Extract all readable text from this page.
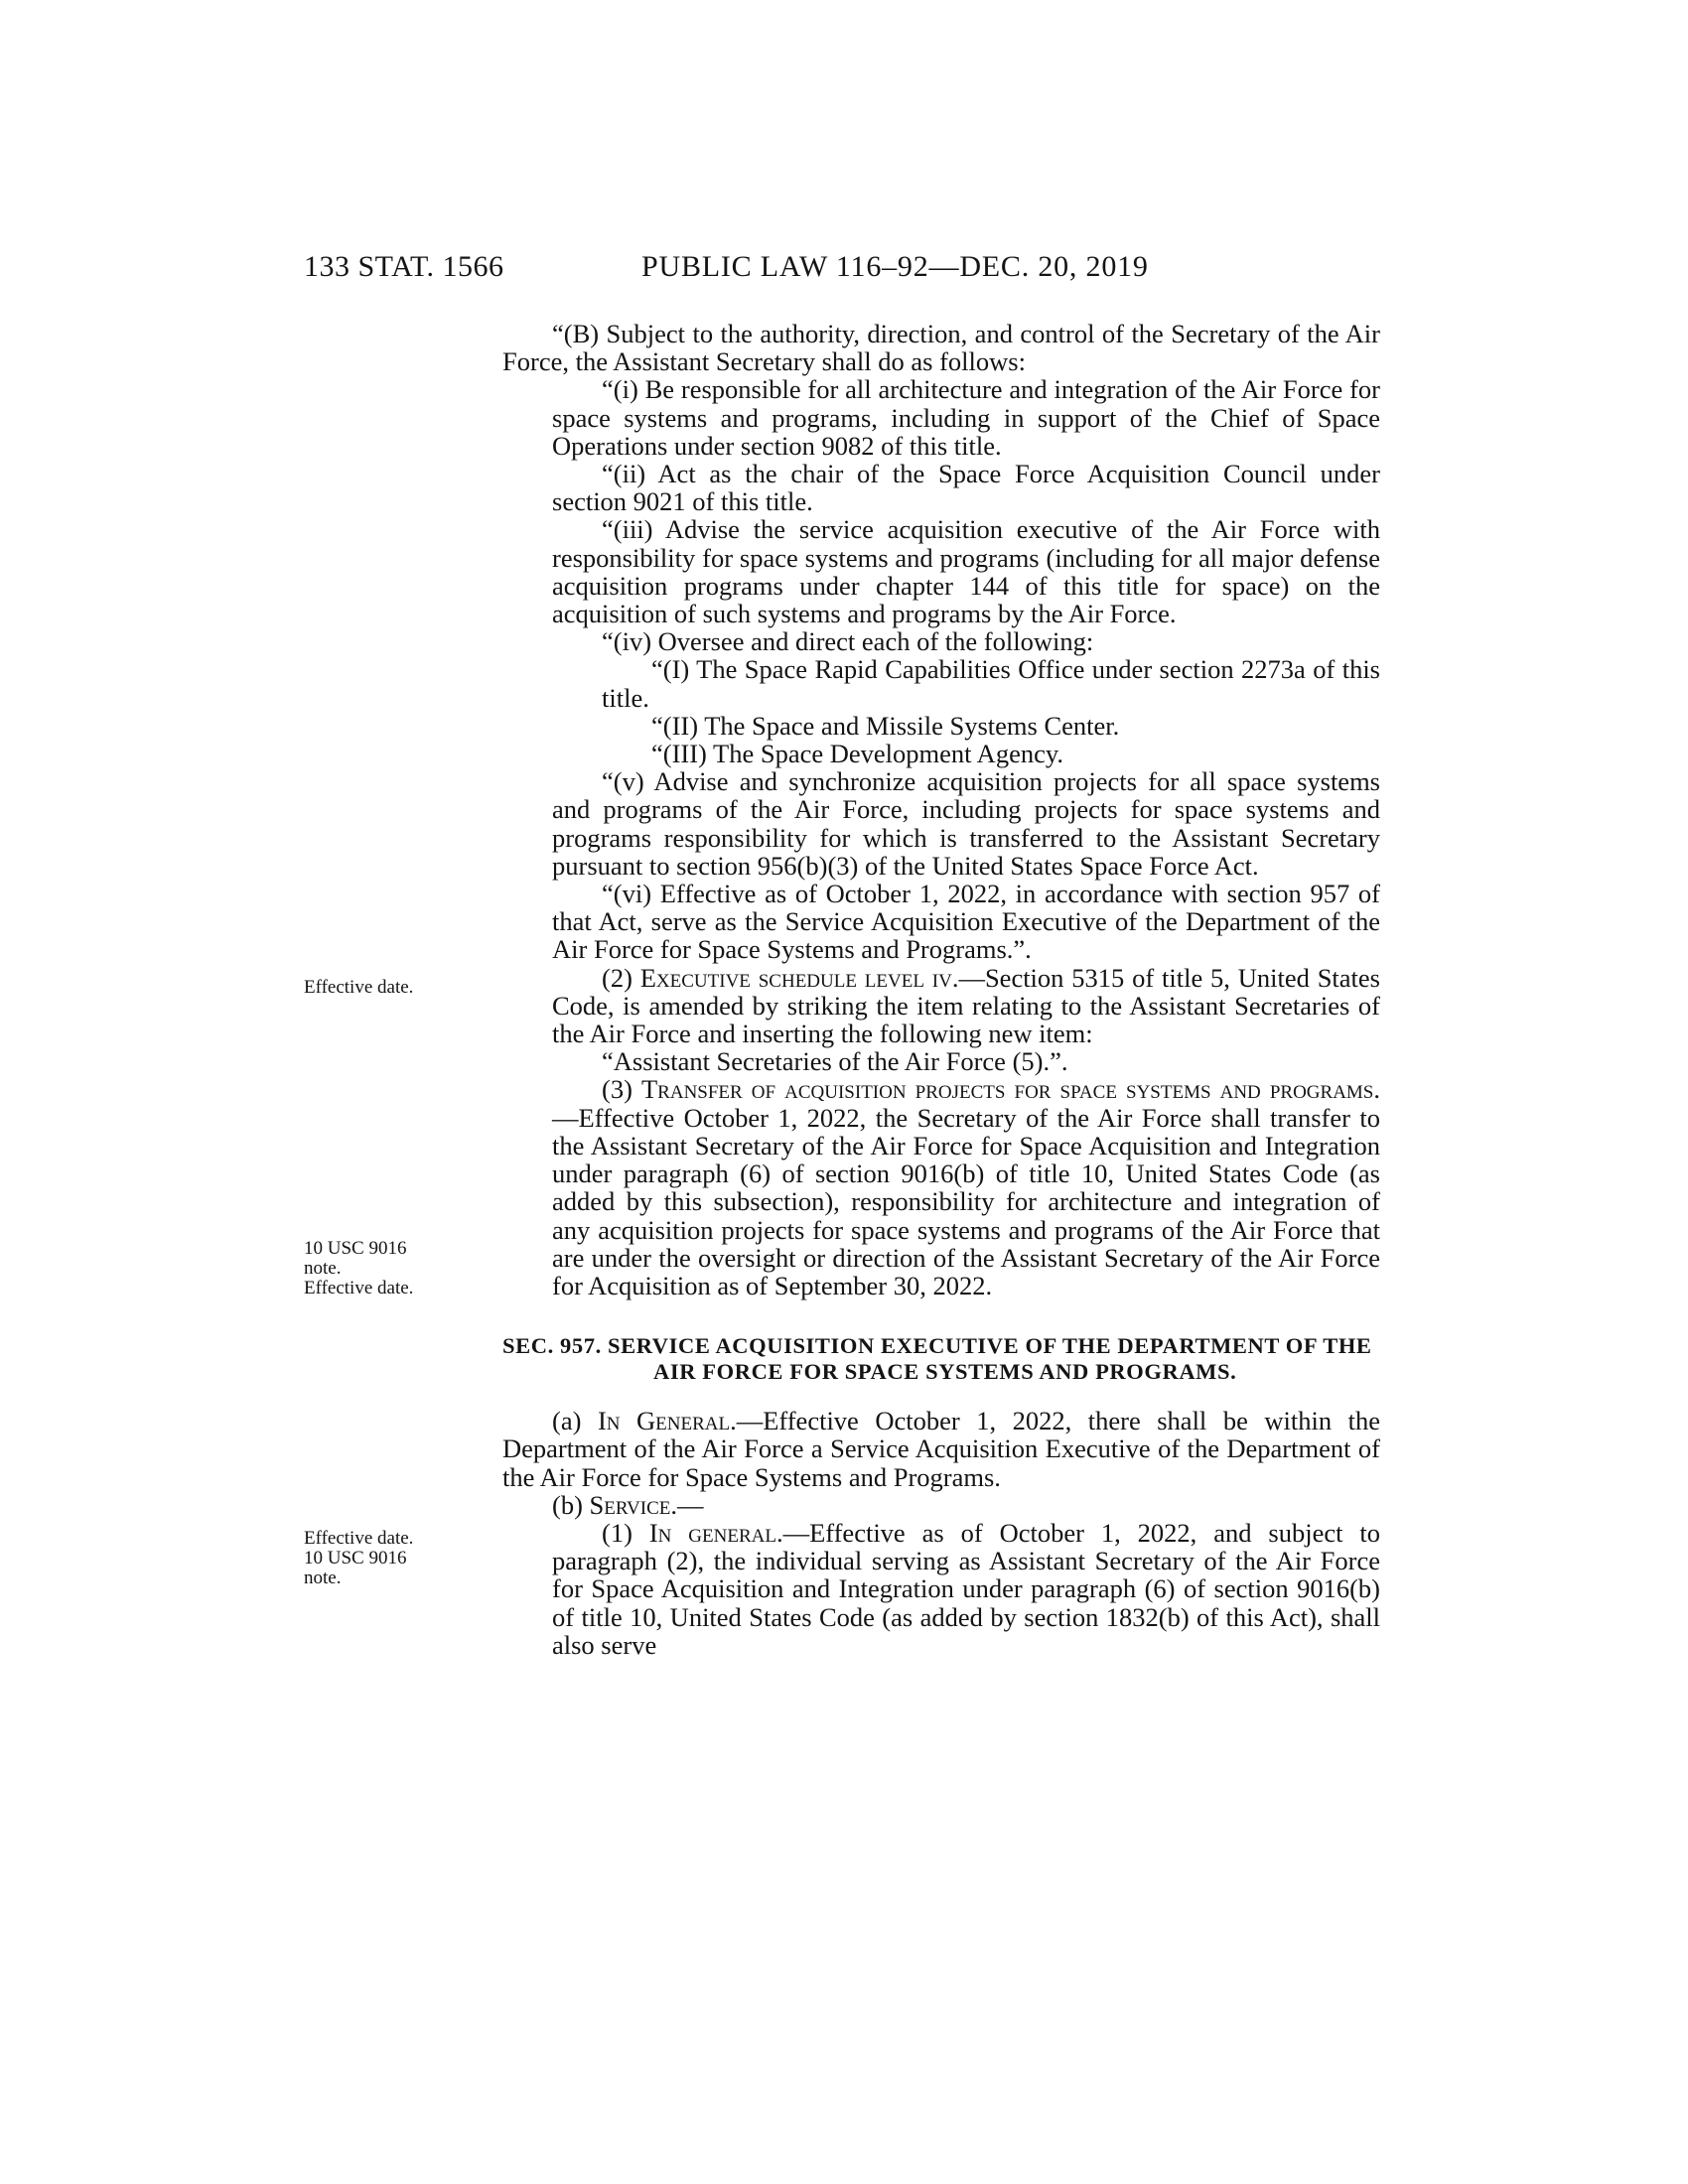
133 STAT. 1566	PUBLIC LAW 116–92—DEC. 20, 2019
Effective date.
10 USC 9016
note.
Effective date.
Effective date.
10 USC 9016
note.

“(B) Subject to the authority, direction, and control of the Secretary of the Air Force, the Assistant Secretary shall do as follows:

“(i) Be responsible for all architecture and integration of the Air Force for space systems and programs, including in support of the Chief of Space Operations under section 9082 of this title.

“(ii) Act as the chair of the Space Force Acquisition Council under section 9021 of this title.

“(iii) Advise the service acquisition executive of the Air Force with responsibility for space systems and programs (including for all major defense acquisition programs under chapter 144 of this title for space) on the acquisition of such systems and programs by the Air Force.

“(iv) Oversee and direct each of the following:

“(I) The Space Rapid Capabilities Office under section 2273a of this title.

“(II) The Space and Missile Systems Center.

“(III) The Space Development Agency.

“(v) Advise and synchronize acquisition projects for all space systems and programs of the Air Force, including projects for space systems and programs responsibility for which is transferred to the Assistant Secretary pursuant to section 956(b)(3) of the United States Space Force Act.

“(vi) Effective as of October 1, 2022, in accordance with section 957 of that Act, serve as the Service Acquisition Executive of the Department of the Air Force for Space Systems and Programs.”.

(2) Executive schedule level iv.—Section 5315 of title 5, United States Code, is amended by striking the item relating to the Assistant Secretaries of the Air Force and inserting the following new item:

“Assistant Secretaries of the Air Force (5).”.

(3) Transfer of acquisition projects for space systems and programs.—Effective October 1, 2022, the Secretary of the Air Force shall transfer to the Assistant Secretary of the Air Force for Space Acquisition and Integration under paragraph (6) of section 9016(b) of title 10, United States Code (as added by this subsection), responsibility for architecture and integration of any acquisition projects for space systems and programs of the Air Force that are under the oversight or direction of the Assistant Secretary of the Air Force for Acquisition as of September 30, 2022.

SEC. 957. SERVICE ACQUISITION EXECUTIVE OF THE DEPARTMENT OF THE AIR FORCE FOR SPACE SYSTEMS AND PROGRAMS.

(a) In General.—Effective October 1, 2022, there shall be within the Department of the Air Force a Service Acquisition Executive of the Department of the Air Force for Space Systems and Programs.

(b) Service.—

(1) In general.—Effective as of October 1, 2022, and subject to paragraph (2), the individual serving as Assistant Secretary of the Air Force for Space Acquisition and Integration under paragraph (6) of section 9016(b) of title 10, United States Code (as added by section 1832(b) of this Act), shall also serve
